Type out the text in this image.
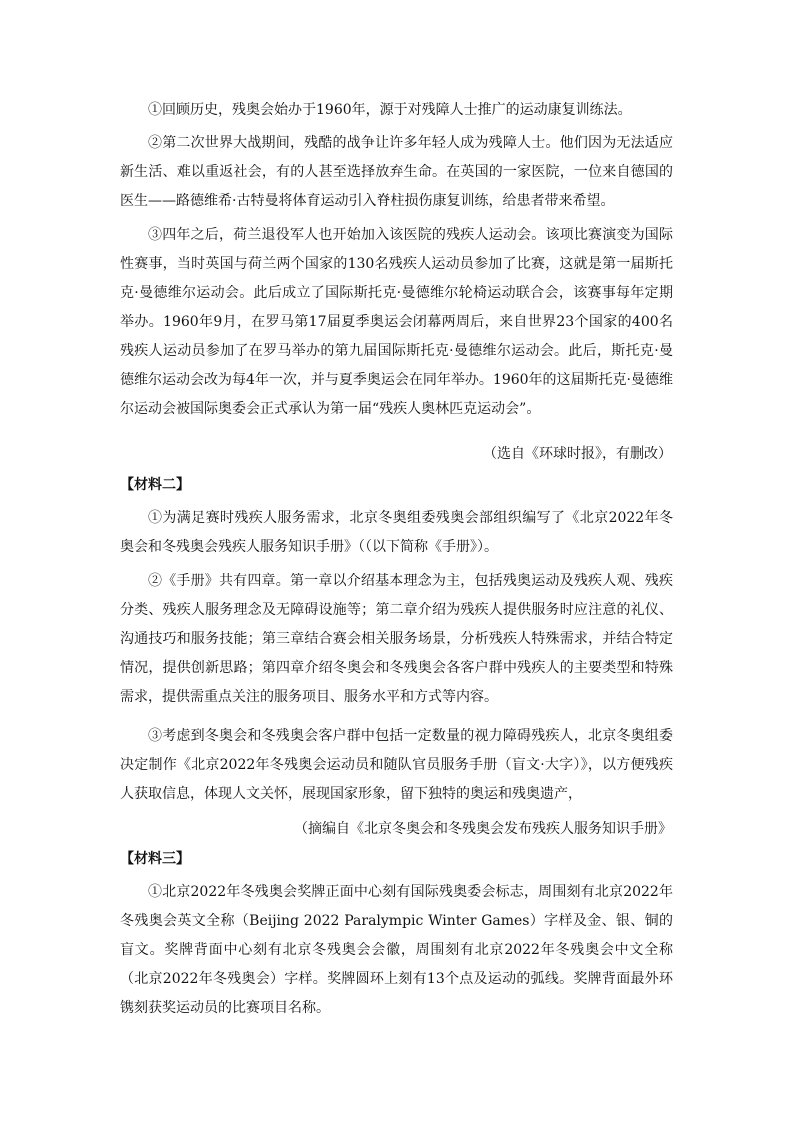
①回顾历史，残奥会始办于1960年，源于对残障人士推广的运动康复训练法。

②第二次世界大战期间，残酷的战争让许多年轻人成为残障人士。他们因为无法适应新生活、难以重返社会，有的人甚至选择放弃生命。在英国的一家医院，一位来自德国的医生——路德维希·古特曼将体育运动引入脊柱损伤康复训练，给患者带来希望。

③四年之后，荷兰退役军人也开始加入该医院的残疾人运动会。该项比赛演变为国际性赛事，当时英国与荷兰两个国家的130名残疾人运动员参加了比赛，这就是第一届斯托克·曼德维尔运动会。此后成立了国际斯托克·曼德维尔轮椅运动联合会，该赛事每年定期举办。1960年9月，在罗马第17届夏季奥运会闭幕两周后，来自世界23个国家的400名残疾人运动员参加了在罗马举办的第九届国际斯托克·曼德维尔运动会。此后，斯托克·曼德维尔运动会改为每4年一次，并与夏季奥运会在同年举办。1960年的这届斯托克·曼德维尔运动会被国际奥委会正式承认为第一届“残疾人奥林匹克运动会”。

（选自《环球时报》，有删改）

【材料二】

①为满足赛时残疾人服务需求，北京冬奥组委残奥会部组织编写了《北京2022年冬奥会和冬残奥会残疾人服务知识手册》（（以下简称《手册》）。

②《手册》共有四章。第一章以介绍基本理念为主，包括残奥运动及残疾人观、残疾分类、残疾人服务理念及无障碍设施等；第二章介绍为残疾人提供服务时应注意的礼仪、沟通技巧和服务技能；第三章结合赛会相关服务场景，分析残疾人特殊需求，并结合特定情况，提供创新思路；第四章介绍冬奥会和冬残奥会各客户群中残疾人的主要类型和特殊需求，提供需重点关注的服务项目、服务水平和方式等内容。

③考虑到冬奥会和冬残奥会客户群中包括一定数量的视力障碍残疾人，北京冬奥组委决定制作《北京2022年冬残奥会运动员和随队官员服务手册（盲文·大字）》，以方便残疾人获取信息，体现人文关怀，展现国家形象，留下独特的奥运和残奥遗产，

（摘编自《北京冬奥会和冬残奥会发布残疾人服务知识手册》

【材料三】

①北京2022年冬残奥会奖牌正面中心刻有国际残奥委会标志，周围刻有北京2022年冬残奥会英文全称（Beijing 2022 Paralympic Winter Games）字样及金、银、铜的盲文。奖牌背面中心刻有北京冬残奥会会徽，周围刻有北京2022年冬残奥会中文全称（北京2022年冬残奥会）字样。奖牌圆环上刻有13个点及运动的弧线。奖牌背面最外环镌刻获奖运动员的比赛项目名称。
